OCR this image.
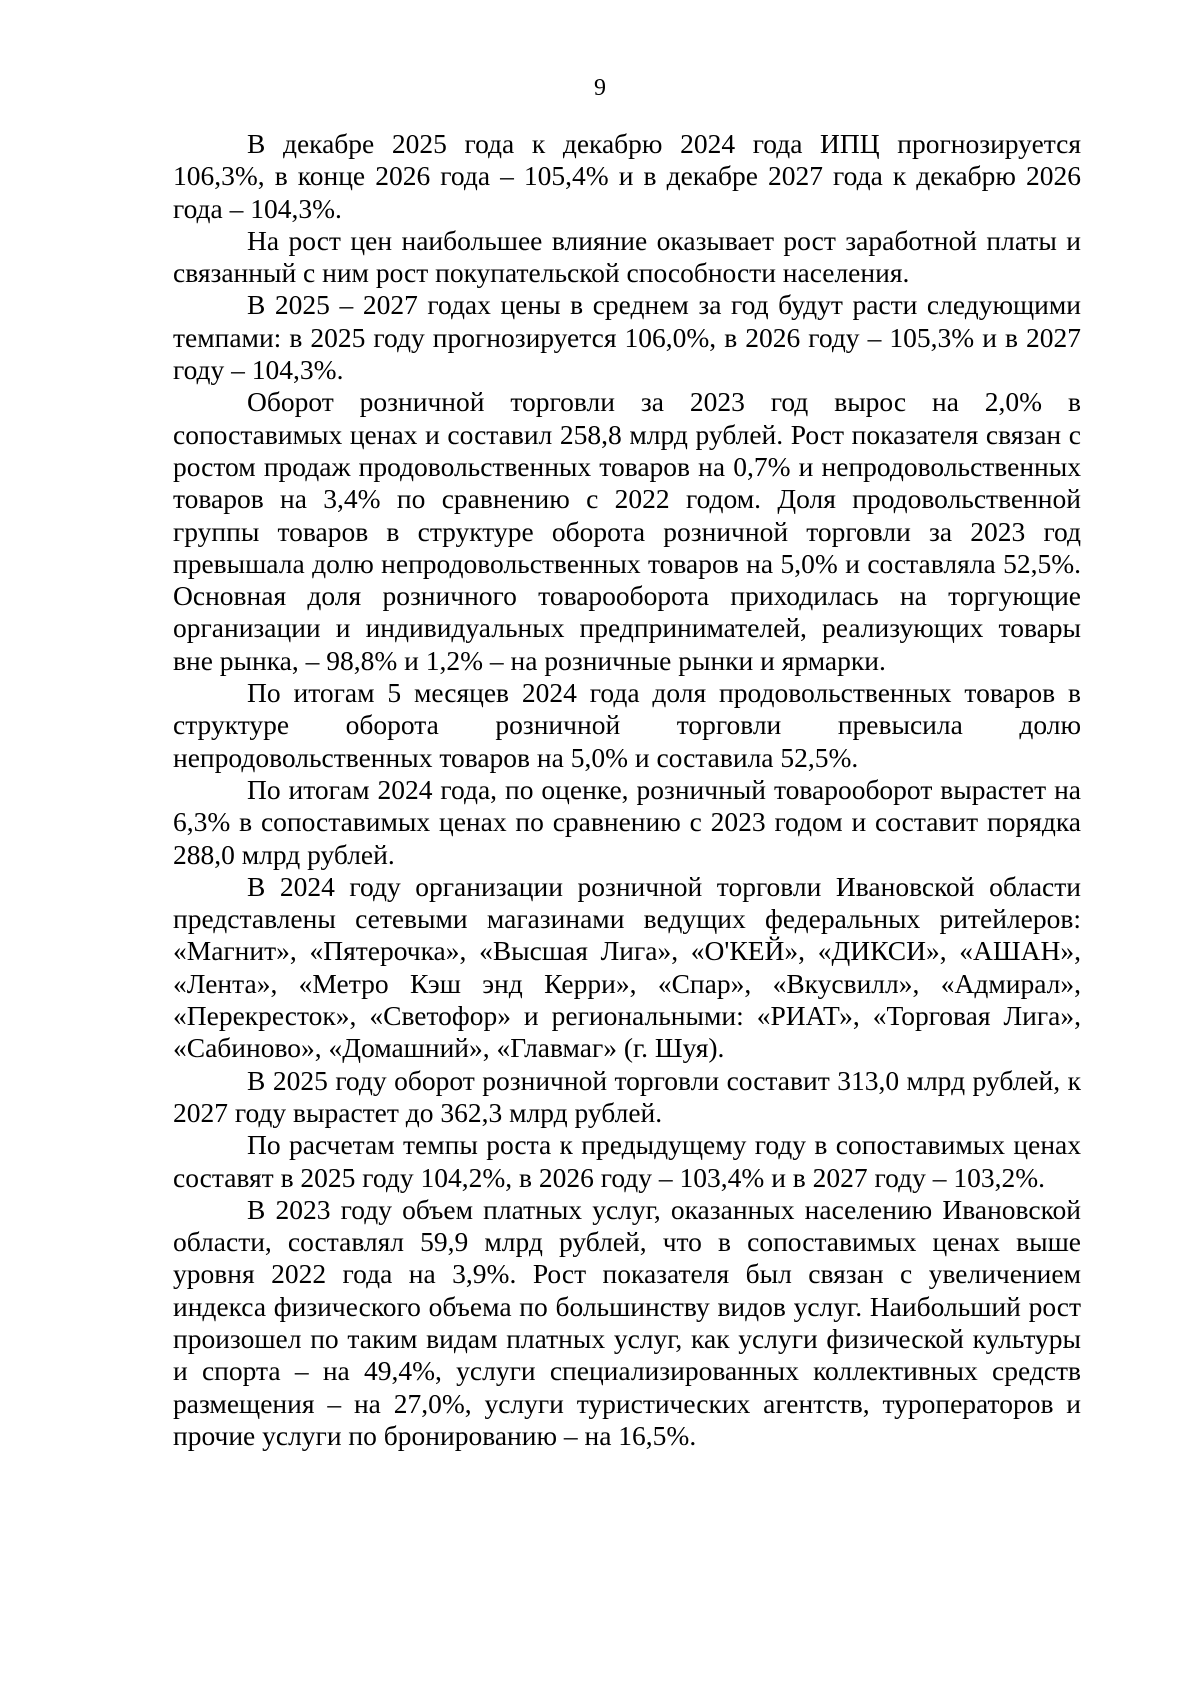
9

В декабре 2025 года к декабрю 2024 года ИПЦ прогнозируется 106,3%, в конце 2026 года – 105,4% и в декабре 2027 года к декабрю 2026 года – 104,3%.

На рост цен наибольшее влияние оказывает рост заработной платы и связанный с ним рост покупательской способности населения.

В 2025 – 2027 годах цены в среднем за год будут расти следующими темпами: в 2025 году прогнозируется 106,0%, в 2026 году – 105,3% и в 2027 году – 104,3%.

Оборот розничной торговли за 2023 год вырос на 2,0% в сопоставимых ценах и составил 258,8 млрд рублей. Рост показателя связан с ростом продаж продовольственных товаров на 0,7% и непродовольственных товаров на 3,4% по сравнению с 2022 годом. Доля продовольственной группы товаров в структуре оборота розничной торговли за 2023 год превышала долю непродовольственных товаров на 5,0% и составляла 52,5%. Основная доля розничного товарооборота приходилась на торгующие организации и индивидуальных предпринимателей, реализующих товары вне рынка, – 98,8% и 1,2% – на розничные рынки и ярмарки.

По итогам 5 месяцев 2024 года доля продовольственных товаров в структуре оборота розничной торговли превысила долю непродовольственных товаров на 5,0% и составила 52,5%.

По итогам 2024 года, по оценке, розничный товарооборот вырастет на 6,3% в сопоставимых ценах по сравнению с 2023 годом и составит порядка 288,0 млрд рублей.

В 2024 году организации розничной торговли Ивановской области представлены сетевыми магазинами ведущих федеральных ритейлеров: «Магнит», «Пятерочка», «Высшая Лига», «О'КЕЙ», «ДИКСИ», «АШАН», «Лента», «Метро Кэш энд Керри», «Спар», «Вкусвилл», «Адмирал», «Перекресток», «Светофор» и региональными: «РИАТ», «Торговая Лига», «Сабиново», «Домашний», «Главмаг» (г. Шуя).

В 2025 году оборот розничной торговли составит 313,0 млрд рублей, к 2027 году вырастет до 362,3 млрд рублей.

По расчетам темпы роста к предыдущему году в сопоставимых ценах составят в 2025 году 104,2%, в 2026 году – 103,4% и в 2027 году – 103,2%.

В 2023 году объем платных услуг, оказанных населению Ивановской области, составлял 59,9 млрд рублей, что в сопоставимых ценах выше уровня 2022 года на 3,9%. Рост показателя был связан с увеличением индекса физического объема по большинству видов услуг. Наибольший рост произошел по таким видам платных услуг, как услуги физической культуры и спорта – на 49,4%, услуги специализированных коллективных средств размещения – на 27,0%, услуги туристических агентств, туроператоров и прочие услуги по бронированию – на 16,5%.
